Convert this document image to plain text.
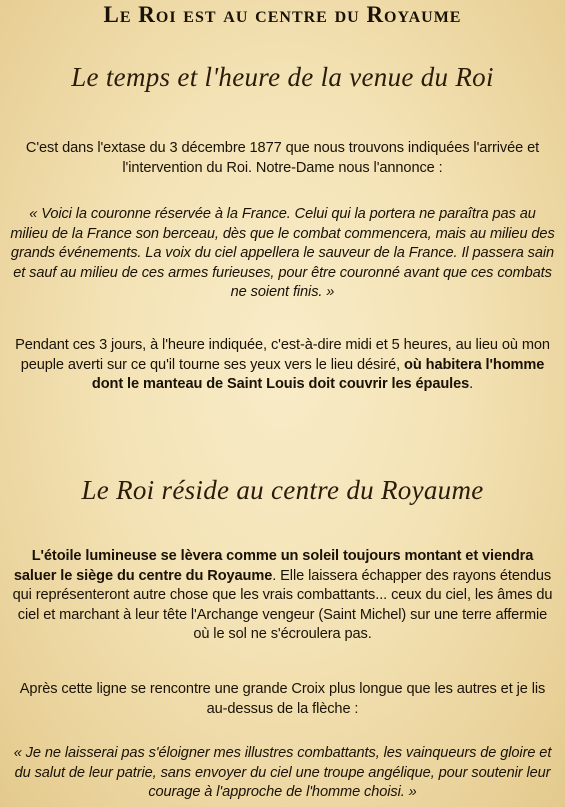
Le Roi est au centre du Royaume
Le temps et l'heure de la venue du Roi
C'est dans l'extase du 3 décembre 1877 que nous trouvons indiquées l'arrivée et l'intervention du Roi. Notre-Dame nous l'annonce :
« Voici la couronne réservée à la France. Celui qui la portera ne paraîtra pas au milieu de la France son berceau, dès que le combat commencera, mais au milieu des grands événements. La voix du ciel appellera le sauveur de la France. Il passera sain et sauf au milieu de ces armes furieuses, pour être couronné avant que ces combats ne soient finis. »
Pendant ces 3 jours, à l'heure indiquée, c'est-à-dire midi et 5 heures, au lieu où mon peuple averti sur ce qu'il tourne ses yeux vers le lieu désiré, où habitera l'homme dont le manteau de Saint Louis doit couvrir les épaules.
Le Roi réside au centre du Royaume
L'étoile lumineuse se lèvera comme un soleil toujours montant et viendra saluer le siège du centre du Royaume. Elle laissera échapper des rayons étendus qui représenteront autre chose que les vrais combattants... ceux du ciel, les âmes du ciel et marchant à leur tête l'Archange vengeur (Saint Michel) sur une terre affermie où le sol ne s'écroulera pas.
Après cette ligne se rencontre une grande Croix plus longue que les autres et je lis au-dessus de la flèche :
« Je ne laisserai pas s'éloigner mes illustres combattants, les vainqueurs de gloire et du salut de leur patrie, sans envoyer du ciel une troupe angélique, pour soutenir leur courage à l'approche de l'homme choisi. »
